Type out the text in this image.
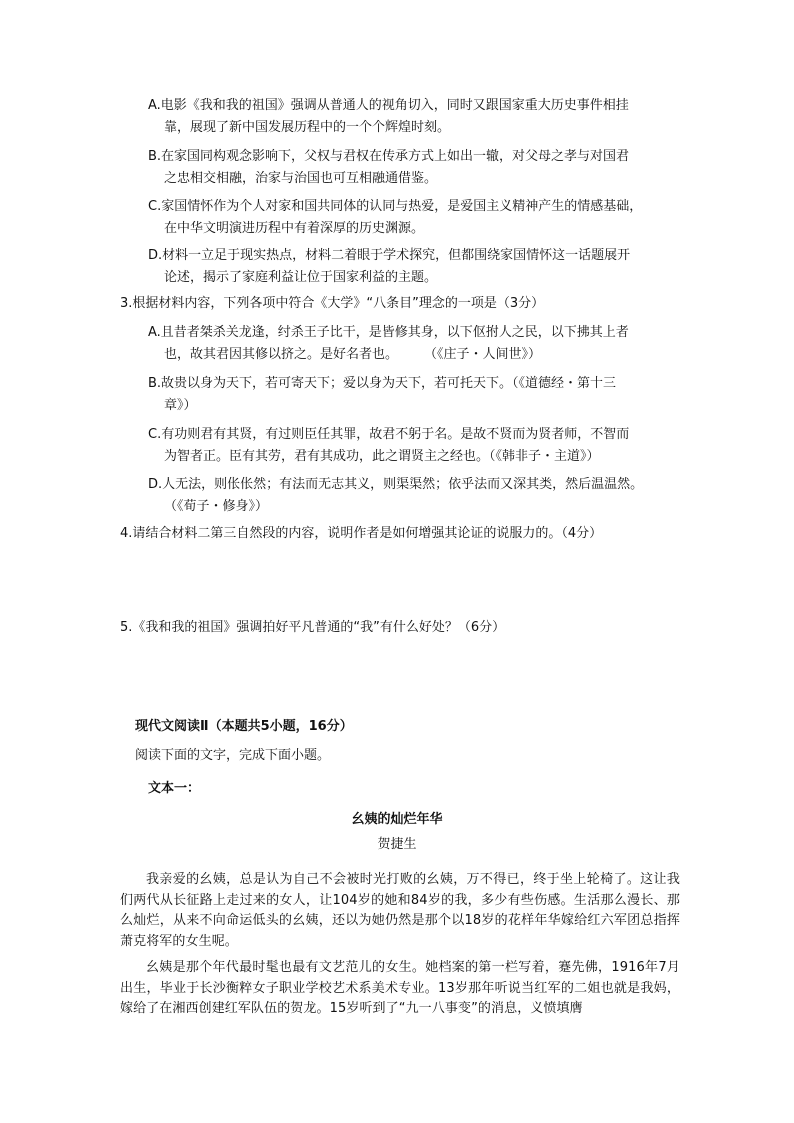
A.电影《我和我的祖国》强调从普通人的视角切入，同时又跟国家重大历史事件相挂
靠，展现了新中国发展历程中的一个个辉煌时刻。
B.在家国同构观念影响下，父权与君权在传承方式上如出一辙，对父母之孝与对国君
之忠相交相融，治家与治国也可互相融通借鉴。
C.家国情怀作为个人对家和国共同体的认同与热爱，是爱国主义精神产生的情感基础，
在中华文明演进历程中有着深厚的历史渊源。
D.材料一立足于现实热点，材料二着眼于学术探究，但都围绕家国情怀这一话题展开
论述，揭示了家庭利益让位于国家利益的主题。
3.根据材料内容，下列各项中符合《大学》“八条目”理念的一项是（3分）
A.且昔者桀杀关龙逢，纣杀王子比干，是皆修其身，以下伛拊人之民，以下拂其上者
也，故其君因其修以挤之。是好名者也。　　　（《庄子・人间世》）
B.故贵以身为天下，若可寄天下；爱以身为天下，若可托天下。（《道德经・第十三
章》）
C.有功则君有其贤，有过则臣任其罪，故君不躬于名。是故不贤而为贤者师，不智而
为智者正。臣有其劳，君有其成功，此之谓贤主之经也。（《韩非子・主道》）
D.人无法，则伥伥然；有法而无志其义，则渠渠然；依乎法而又深其类，然后温温然。
（《荀子・修身》）
4.请结合材料二第三自然段的内容，说明作者是如何增强其论证的说服力的。（4分）
5.《我和我的祖国》强调拍好平凡普通的“我”有什么好处？（6分）
现代文阅读Ⅱ（本题共5小题，16分）
阅读下面的文字，完成下面小题。
文本一：
幺姨的灿烂年华
贺捷生
我亲爱的幺姨，总是认为自己不会被时光打败的幺姨，万不得已，终于坐上轮椅了。这让我们两代从长征路上走过来的女人，让104岁的她和84岁的我，多少有些伤感。生活那么漫长、那么灿烂，从来不向命运低头的幺姨，还以为她仍然是那个以18岁的花样年华嫁给红六军团总指挥萧克将军的女生呢。
幺姨是那个年代最时髦也最有文艺范儿的女生。她档案的第一栏写着，蹇先佛，1916年7月出生，毕业于长沙衡粹女子职业学校艺术系美术专业。13岁那年听说当红军的二姐也就是我妈，嫁给了在湘西创建红军队伍的贺龙。15岁听到了“九一八事变”的消息，义愤填膺
